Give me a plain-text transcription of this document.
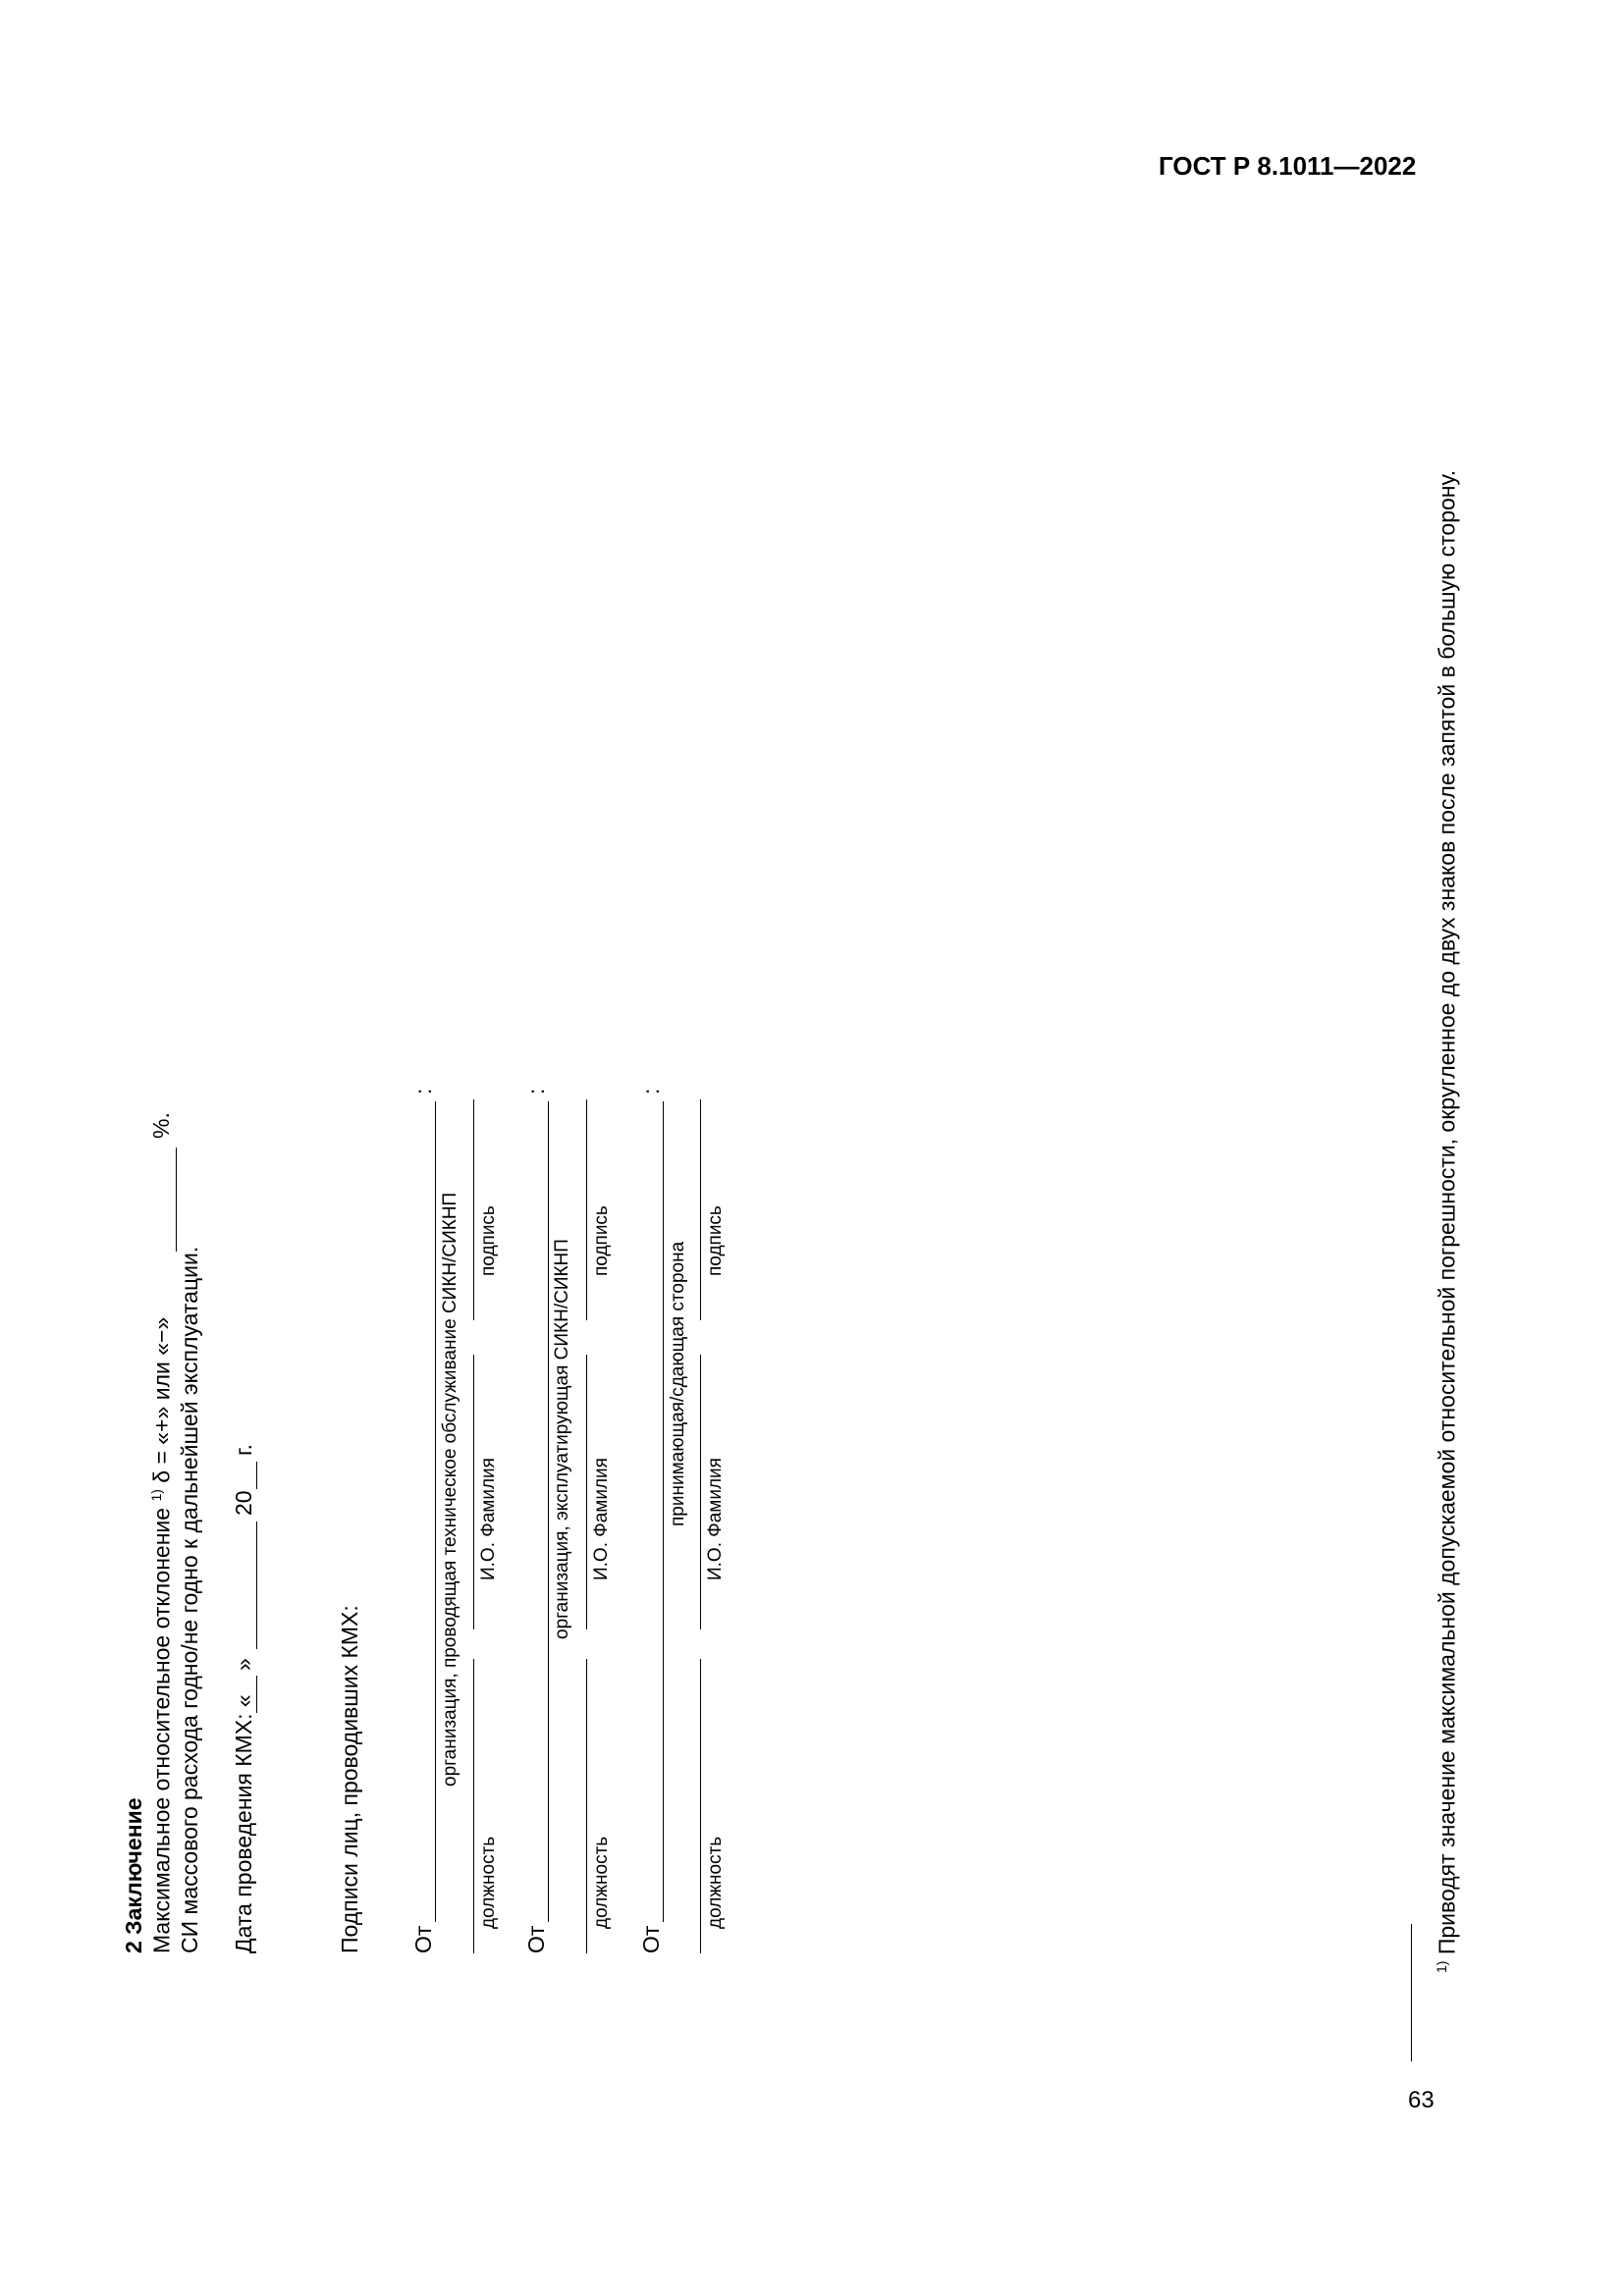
ГОСТ Р 8.1011—2022
63
2 Заключение Максимальное относительное отклонение $^{1)}$ δ = «+» или «−»
%.
СИ массового расхода годно/не годно к дальнейшей эксплуатации. Дата проведения КМХ: «
»
20
г.
Подписи лиц, проводивших КМХ: От
:
организация, проводящая техническое обслуживание СИКН/СИКНП
должность
И.О. Фамилия
подпись
От
:
организация, эксплуатирующая СИКН/СИКНП
должность
И.О. Фамилия
подпись
От
:
принимающая/сдающая сторона
должность
И.О. Фамилия
подпись
$^{1)}$ Приводят значение максимальной допускаемой относительной погрешности, округленное до двух знаков после запятой в большую сторону.
